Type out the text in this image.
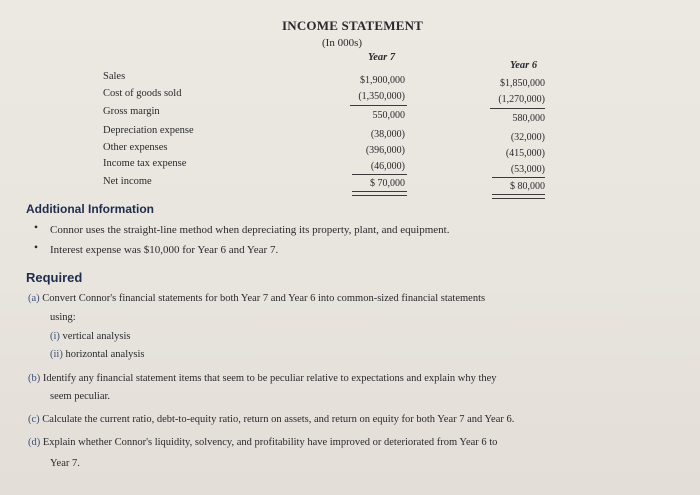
INCOME STATEMENT
(In 000s)
Year 7
Year 6
Sales
Cost of goods sold
Gross margin
Depreciation expense
Other expenses
Income tax expense
Net income
$1,900,000
(1,350,000)
550,000
(38,000)
(396,000)
(46,000)
$ 70,000
$1,850,000
(1,270,000)
580,000
(32,000)
(415,000)
(53,000)
$ 80,000
Additional Information
• Connor uses the straight-line method when depreciating its property, plant, and equipment.
• Interest expense was $10,000 for Year 6 and Year 7.
Required
(a) Convert Connor's financial statements for both Year 7 and Year 6 into common-sized financial statements
using:
(i) vertical analysis
(ii) horizontal analysis
(b) Identify any financial statement items that seem to be peculiar relative to expectations and explain why they
seem peculiar.
(c) Calculate the current ratio, debt-to-equity ratio, return on assets, and return on equity for both Year 7 and Year 6.
(d) Explain whether Connor's liquidity, solvency, and profitability have improved or deteriorated from Year 6 to
Year 7.
